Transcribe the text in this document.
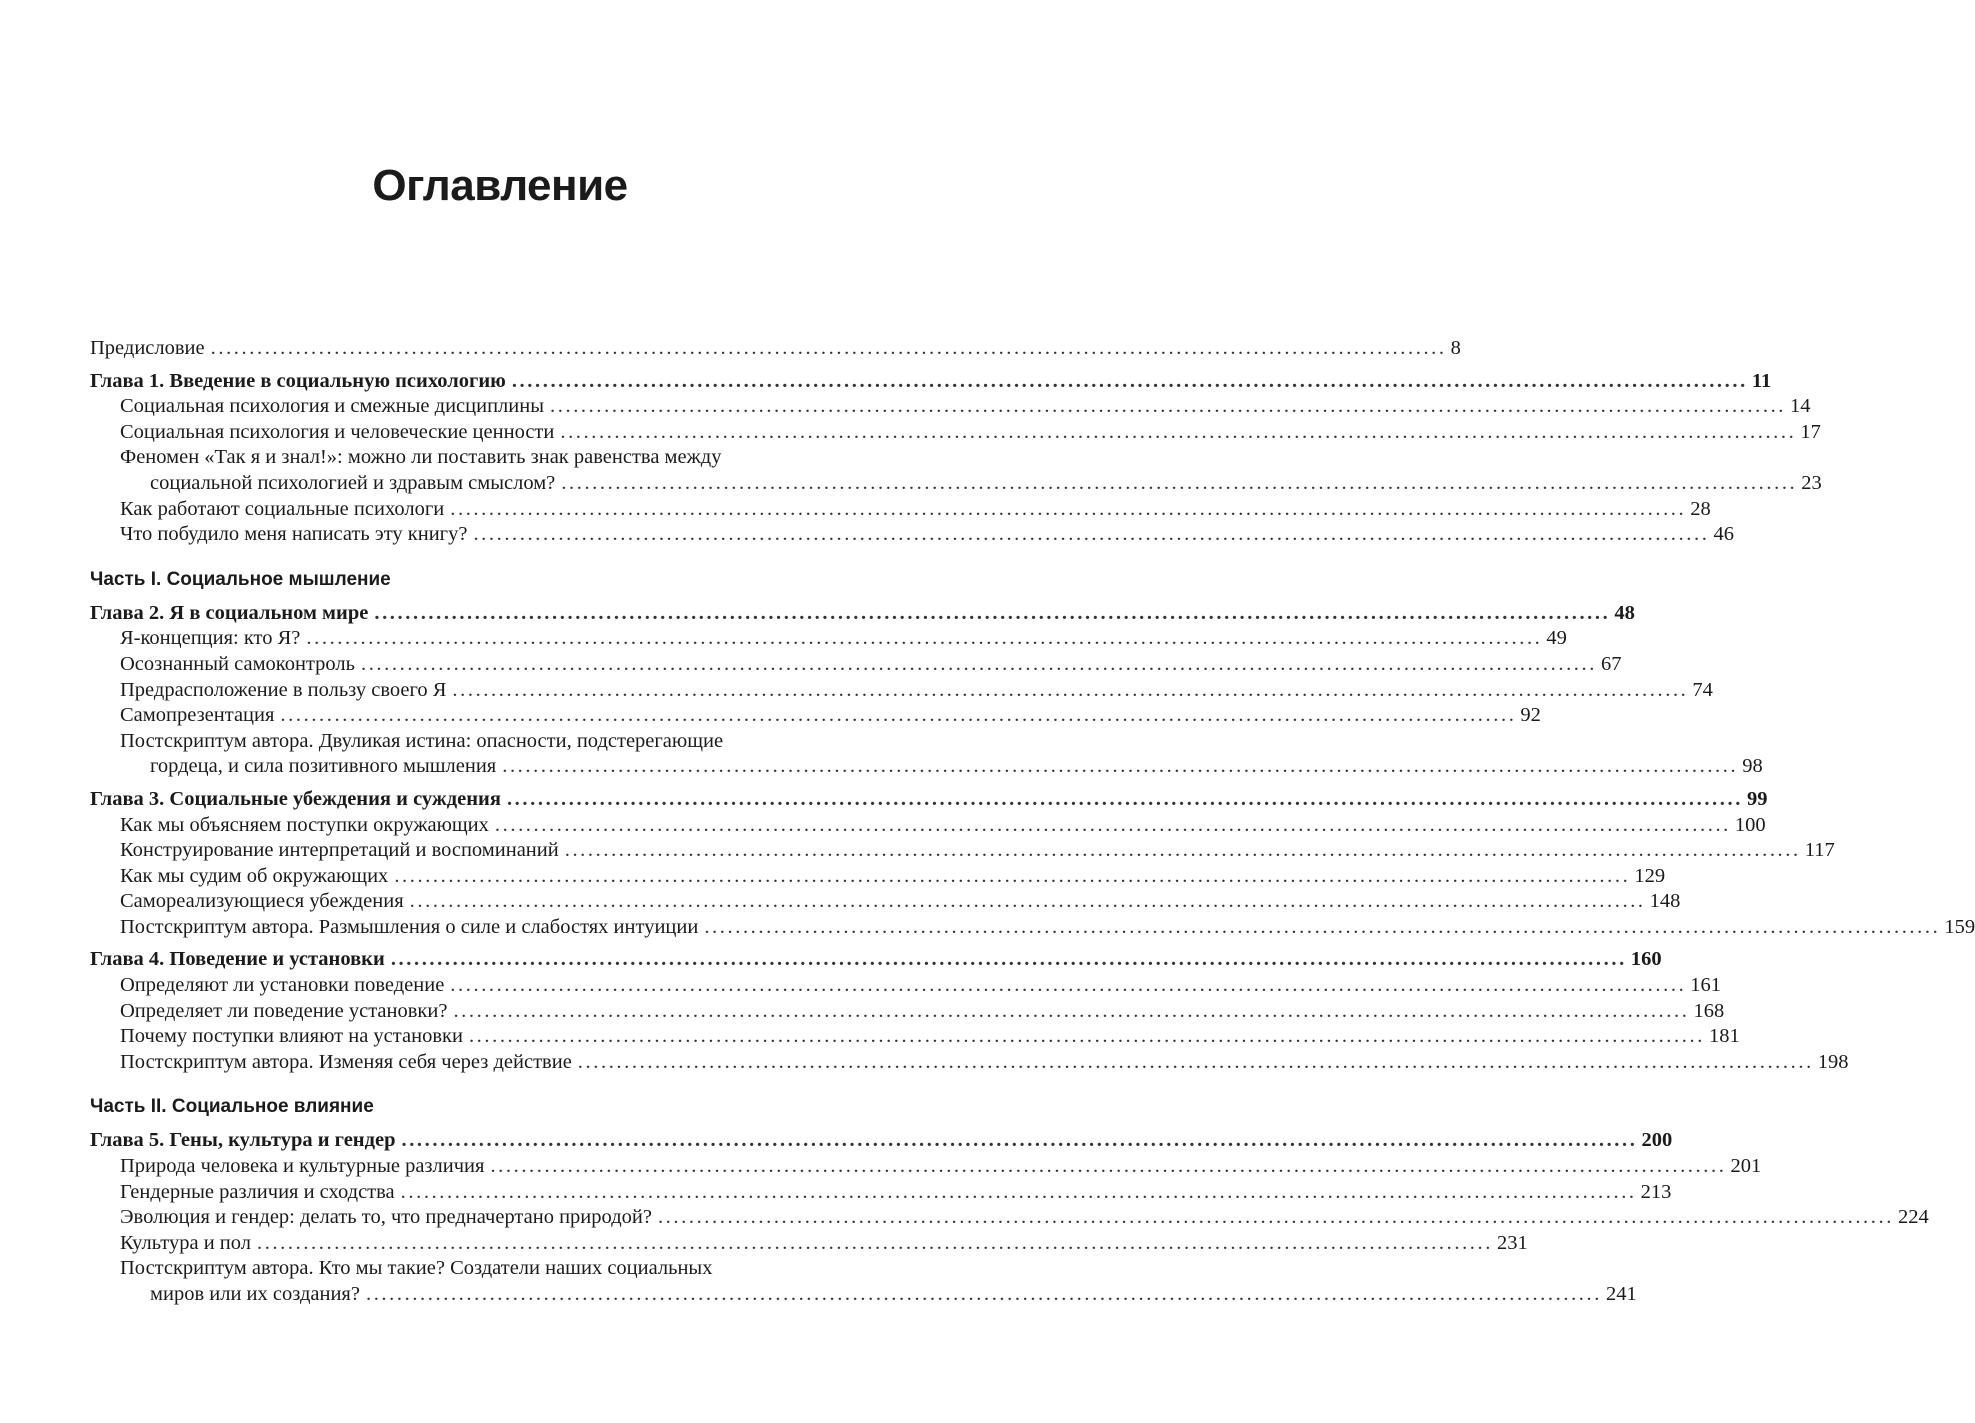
Оглавление
Предисловие ................................................................................................................................................................ 8
Глава 1. Введение в социальную психологию ................................................................................................................................................................ 11
Социальная психология и смежные дисциплины ................................................................................................................................................................ 14
Социальная психология и человеческие ценности ................................................................................................................................................................ 17
Феномен «Так я и знал!»: можно ли поставить знак равенства между
социальной психологией и здравым смыслом? ................................................................................................................................................................ 23
Как работают социальные психологи ................................................................................................................................................................ 28
Что побудило меня написать эту книгу? ................................................................................................................................................................ 46
Часть I. Социальное мышление
Глава 2. Я в социальном мире ................................................................................................................................................................ 48
Я-концепция: кто Я? ................................................................................................................................................................ 49
Осознанный самоконтроль ................................................................................................................................................................ 67
Предрасположение в пользу своего Я ................................................................................................................................................................ 74
Самопрезентация ................................................................................................................................................................ 92
Постскриптум автора. Двуликая истина: опасности, подстерегающие
гордеца, и сила позитивного мышления ................................................................................................................................................................ 98
Глава 3. Социальные убеждения и суждения ................................................................................................................................................................ 99
Как мы объясняем поступки окружающих ................................................................................................................................................................ 100
Конструирование интерпретаций и воспоминаний ................................................................................................................................................................ 117
Как мы судим об окружающих ................................................................................................................................................................ 129
Самореализующиеся убеждения ................................................................................................................................................................ 148
Постскриптум автора. Размышления о силе и слабостях интуиции ................................................................................................................................................................ 159
Глава 4. Поведение и установки ................................................................................................................................................................ 160
Определяют ли установки поведение ................................................................................................................................................................ 161
Определяет ли поведение установки? ................................................................................................................................................................ 168
Почему поступки влияют на установки ................................................................................................................................................................ 181
Постскриптум автора. Изменяя себя через действие ................................................................................................................................................................ 198
Часть II. Социальное влияние
Глава 5. Гены, культура и гендер ................................................................................................................................................................ 200
Природа человека и культурные различия ................................................................................................................................................................ 201
Гендерные различия и сходства ................................................................................................................................................................ 213
Эволюция и гендер: делать то, что предначертано природой? ................................................................................................................................................................ 224
Культура и пол ................................................................................................................................................................ 231
Постскриптум автора. Кто мы такие? Создатели наших социальных
миров или их создания? ................................................................................................................................................................ 241
